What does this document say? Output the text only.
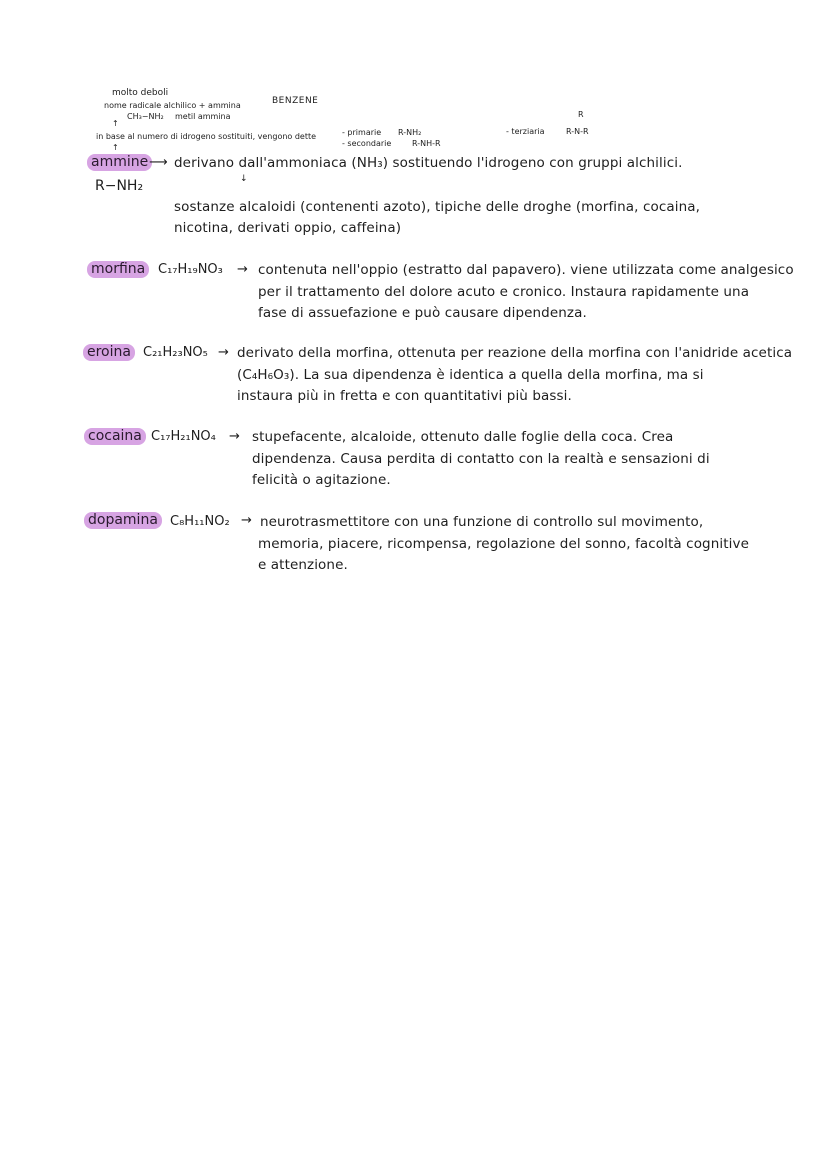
molto deboli
nome radicale alchilico + ammina	BENZENE
CH₃−NH₂ metil ammina
↑
in base al numero di idrogeno sostituiti, vengono dette	- primarie R-NH₂
- secondarie	R-NH-R
- terziaria
R
R-N-R
↑
ammine ⟶ derivano dall'ammoniaca (NH₃) sostituendo l'idrogeno con gruppi alchilici.
R−NH₂	↓
sostanze alcaloidi (contenenti azoto), tipiche delle droghe (morfina, cocaina,
nicotina, derivati oppio, caffeina)
morfina C₁₇H₁₉NO₃ → contenuta nell'oppio (estratto dal papavero). viene utilizzata come analgesico
per il trattamento del dolore acuto e cronico. Instaura rapidamente una
fase di assuefazione e può causare dipendenza.
eroina C₂₁H₂₃NO₅ → derivato della morfina, ottenuta per reazione della morfina con l'anidride acetica
(C₄H₆O₃). La sua dipendenza è identica a quella della morfina, ma si
instaura più in fretta e con quantitativi più bassi.
cocaina C₁₇H₂₁NO₄ → stupefacente, alcaloide, ottenuto dalle foglie della coca. Crea
dipendenza. Causa perdita di contatto con la realtà e sensazioni di
felicità o agitazione.
dopamina C₈H₁₁NO₂ → neurotrasmettitore con una funzione di controllo sul movimento,
memoria, piacere, ricompensa, regolazione del sonno, facoltà cognitive
e attenzione.
